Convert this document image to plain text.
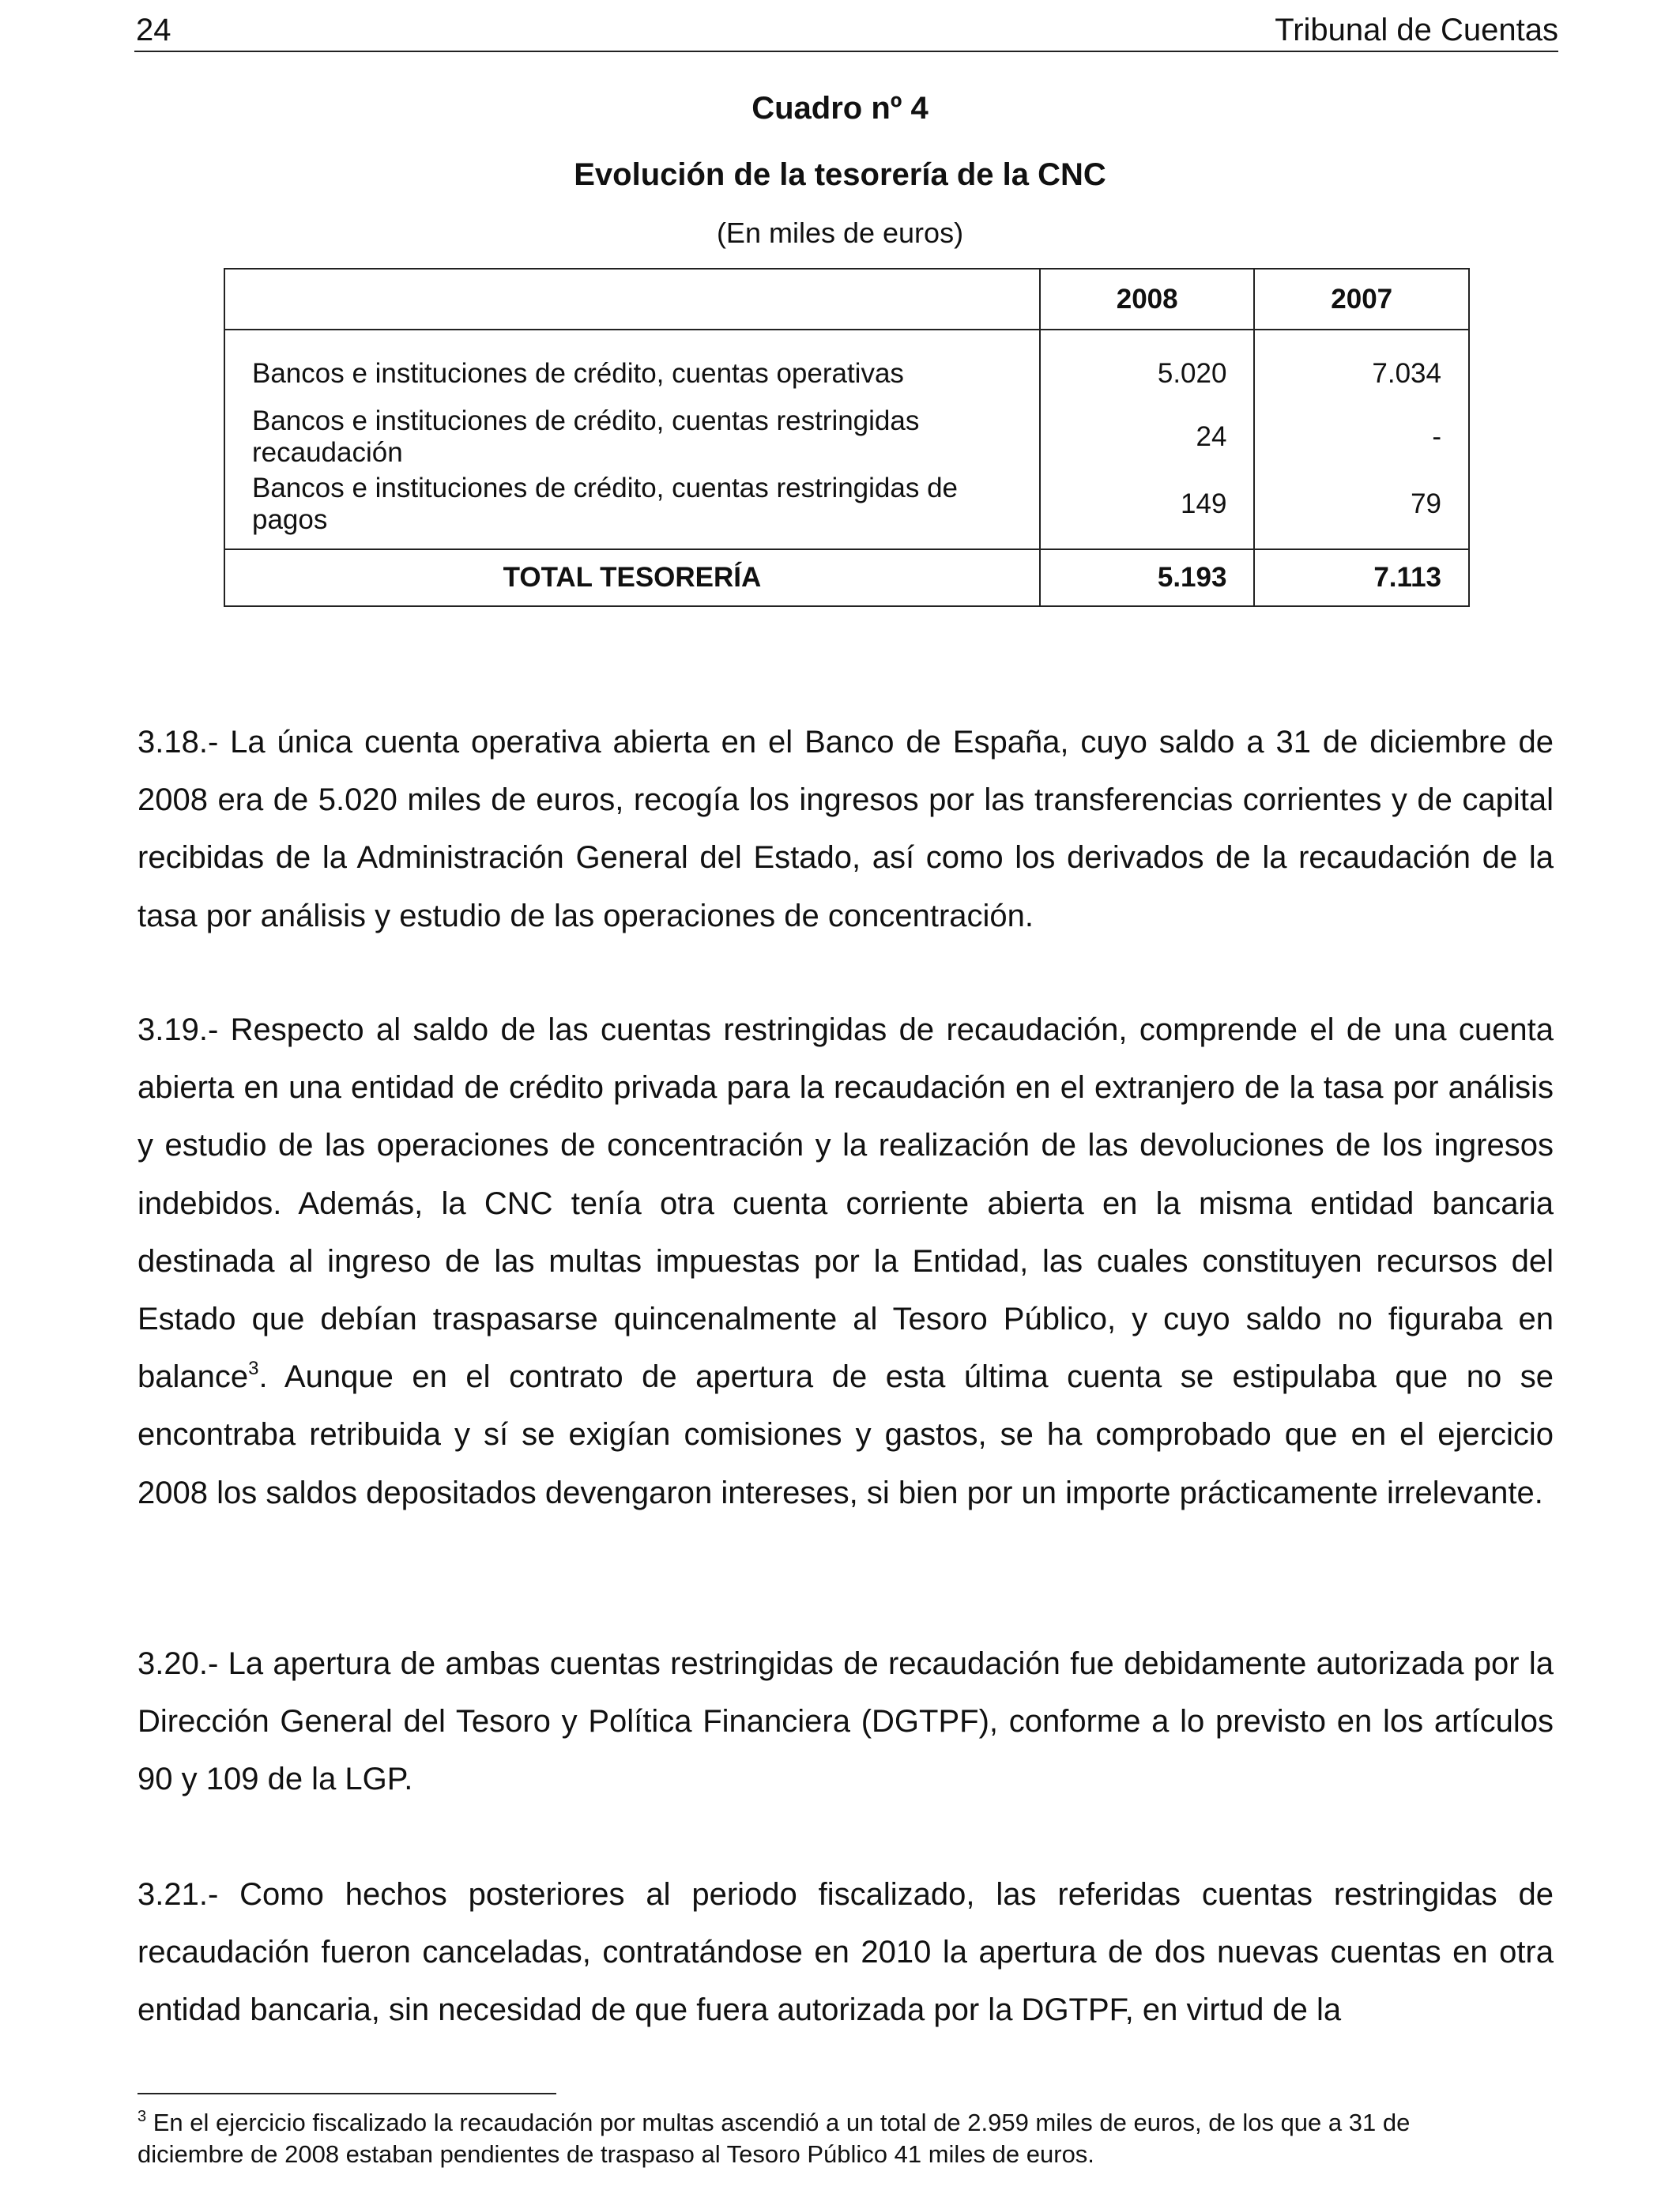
24	Tribunal de Cuentas
Cuadro nº 4
Evolución de la tesorería de la CNC
(En miles de euros)
	2008	2007
Bancos e instituciones de crédito, cuentas operativas	5.020	7.034
Bancos e instituciones de crédito, cuentas restringidas recaudación	24	-
Bancos e instituciones de crédito, cuentas restringidas de pagos	149	79
TOTAL TESORERÍA	5.193	7.113
3.18.- La única cuenta operativa abierta en el Banco de España, cuyo saldo a 31 de diciembre de 2008 era de 5.020 miles de euros, recogía los ingresos por las transferencias corrientes y de capital recibidas de la Administración General del Estado, así como los derivados de la recaudación de la tasa por análisis y estudio de las operaciones de concentración.
3.19.- Respecto al saldo de las cuentas restringidas de recaudación, comprende el de una cuenta abierta en una entidad de crédito privada para la recaudación en el extranjero de la tasa por análisis y estudio de las operaciones de concentración y la realización de las devoluciones de los ingresos indebidos. Además, la CNC tenía otra cuenta corriente abierta en la misma entidad bancaria destinada al ingreso de las multas impuestas por la Entidad, las cuales constituyen recursos del Estado que debían traspasarse quincenalmente al Tesoro Público, y cuyo saldo no figuraba en balance$^3$. Aunque en el contrato de apertura de esta última cuenta se estipulaba que no se encontraba retribuida y sí se exigían comisiones y gastos, se ha comprobado que en el ejercicio 2008 los saldos depositados devengaron intereses, si bien por un importe prácticamente irrelevante.
3.20.- La apertura de ambas cuentas restringidas de recaudación fue debidamente autorizada por la Dirección General del Tesoro y Política Financiera (DGTPF), conforme a lo previsto en los artículos 90 y 109 de la LGP.
3.21.- Como hechos posteriores al periodo fiscalizado, las referidas cuentas restringidas de recaudación fueron canceladas, contratándose en 2010 la apertura de dos nuevas cuentas en otra entidad bancaria, sin necesidad de que fuera autorizada por la DGTPF, en virtud de la
$^3$ En el ejercicio fiscalizado la recaudación por multas ascendió a un total de 2.959 miles de euros, de los que a 31 de diciembre de 2008 estaban pendientes de traspaso al Tesoro Público 41 miles de euros.
